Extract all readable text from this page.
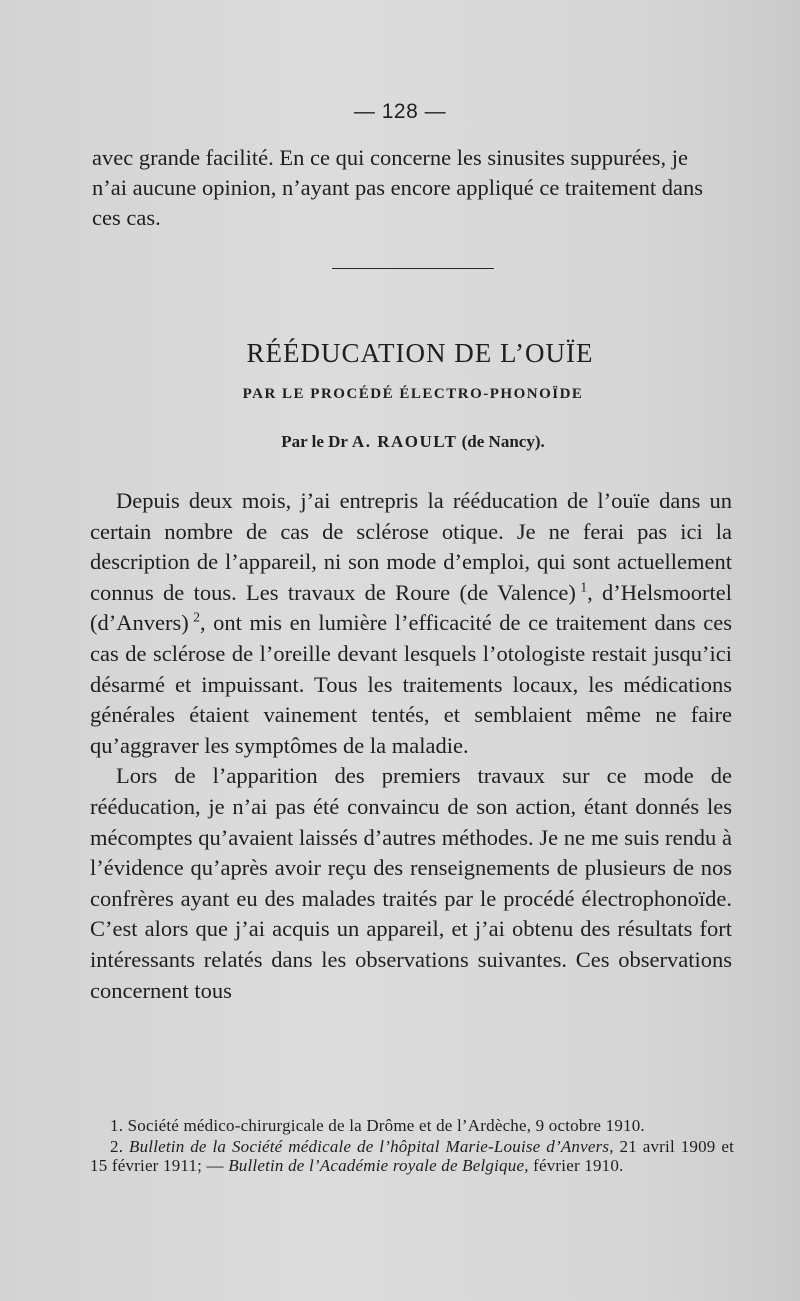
— 128 —

avec grande facilité. En ce qui concerne les sinusites suppurées, je n’ai aucune opinion, n’ayant pas encore appliqué ce traitement dans ces cas.

RÉÉDUCATION DE L’OUÏE
PAR LE PROCÉDÉ ÉLECTRO-PHONOÏDE
Par le Dr A. RAOULT (de Nancy).

Depuis deux mois, j’ai entrepris la rééducation de l’ouïe dans un certain nombre de cas de sclérose otique. Je ne ferai pas ici la description de l’appareil, ni son mode d’emploi, qui sont actuellement connus de tous. Les travaux de Roure (de Valence)  $^1$, d’Helsmoortel (d’Anvers)  $^2$, ont mis en lumière l’efficacité de ce traitement dans ces cas de sclérose de l’oreille devant lesquels l’otologiste restait jusqu’ici désarmé et impuissant. Tous les traitements locaux, les médications générales étaient vainement tentés, et semblaient même ne faire qu’aggraver les symptômes de la maladie.

Lors de l’apparition des premiers travaux sur ce mode de rééducation, je n’ai pas été convaincu de son action, étant donnés les mécomptes qu’avaient laissés d’autres méthodes. Je ne me suis rendu à l’évidence qu’après avoir reçu des renseignements de plusieurs de nos confrères ayant eu des malades traités par le procédé électrophonoïde. C’est alors que j’ai acquis un appareil, et j’ai obtenu des résultats fort intéressants relatés dans les observations suivantes. Ces observations concernent tous

1. Société médico-chirurgicale de la Drôme et de l’Ardèche, 9 octobre 1910.

2. Bulletin de la Société médicale de l’hôpital Marie-Louise d’Anvers, 21 avril 1909 et 15 février 1911; — Bulletin de l’Académie royale de Belgique, février 1910.
